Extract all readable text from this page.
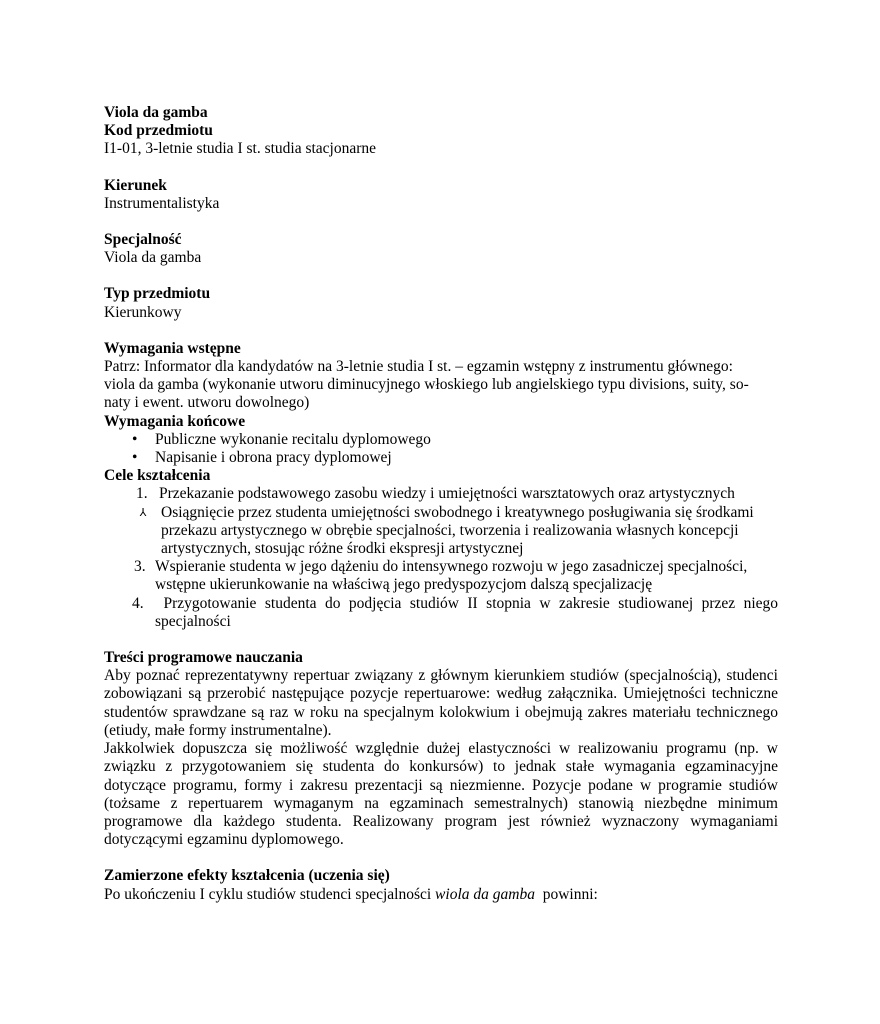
Viola da gamba
Kod przedmiotu
I1-01, 3-letnie studia I st. studia stacjonarne
Kierunek
Instrumentalistyka
Specjalność
Viola da gamba
Typ przedmiotu
Kierunkowy
Wymagania wstępne
Patrz: Informator dla kandydatów na 3-letnie studia I st. – egzamin wstępny z instrumentu głównego:
viola da gamba (wykonanie utworu diminucyjnego włoskiego lub angielskiego typu divisions, suity, so-
naty i ewent. utworu dowolnego)
Wymagania końcowe
• Publiczne wykonanie recitalu dyplomowego
• Napisanie i obrona pracy dyplomowej
Cele kształcenia
1. Przekazanie podstawowego zasobu wiedzy i umiejętności warsztatowych oraz artystycznych
⅄ Osiągnięcie przez studenta umiejętności swobodnego i kreatywnego posługiwania się środkami
przekazu artystycznego w obrębie specjalności, tworzenia i realizowania własnych koncepcji
artystycznych, stosując różne środki ekspresji artystycznej
3. Wspieranie studenta w jego dążeniu do intensywnego rozwoju w jego zasadniczej specjalności,
wstępne ukierunkowanie na właściwą jego predyspozycjom dalszą specjalizację
4. Przygotowanie studenta do podjęcia studiów II stopnia w zakresie studiowanej przez niego specjalności
Treści programowe nauczania
Aby poznać reprezentatywny repertuar związany z głównym kierunkiem studiów (specjalnością), studenci zobowiązani są przerobić następujące pozycje repertuarowe: według załącznika. Umiejętności techniczne studentów sprawdzane są raz w roku na specjalnym kolokwium i obejmują zakres materiału technicznego (etiudy, małe formy instrumentalne).
Jakkolwiek dopuszcza się możliwość względnie dużej elastyczności w realizowaniu programu (np. w związku z przygotowaniem się studenta do konkursów) to jednak stałe wymagania egzaminacyjne dotyczące programu, formy i zakresu prezentacji są niezmienne. Pozycje podane w programie studiów (tożsame z repertuarem wymaganym na egzaminach semestralnych) stanowią niezbędne minimum programowe dla każdego studenta. Realizowany program jest również wyznaczony wymaganiami dotyczącymi egzaminu dyplomowego.
Zamierzone efekty kształcenia (uczenia się)
Po ukończeniu I cyklu studiów studenci specjalności wiola da gamba  powinni:
